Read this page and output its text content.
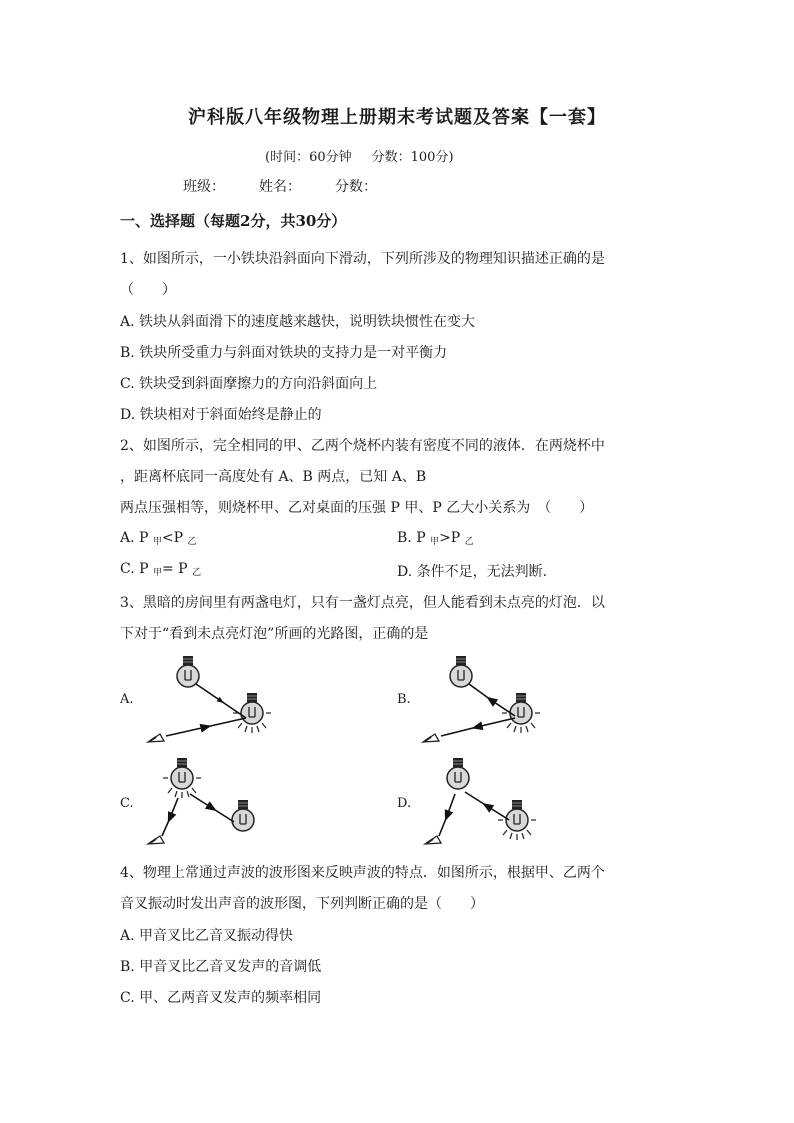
沪科版八年级物理上册期末考试题及答案【一套】
(时间：60分钟 分数：100分)
班级： 姓名： 分数：
一、选择题（每题2分，共30分）
1、如图所示，一小铁块沿斜面向下滑动，下列所涉及的物理知识描述正确的是
（　　）
A. 铁块从斜面滑下的速度越来越快，说明铁块惯性在变大
B. 铁块所受重力与斜面对铁块的支持力是一对平衡力
C. 铁块受到斜面摩擦力的方向沿斜面向上
D. 铁块相对于斜面始终是静止的
2、如图所示，完全相同的甲、乙两个烧杯内装有密度不同的液体．在两烧杯中
，距离杯底同一高度处有 A、B 两点，已知 A、B
两点压强相等，则烧杯甲、乙对桌面的压强 P 甲、P 乙大小关系为　（　　）
A. P $_甲$<P $_乙$	B. P $_甲$>P $_乙$
C. P $_甲$= P $_乙$	D. 条件不足，无法判断.
3、黑暗的房间里有两盏电灯，只有一盏灯点亮，但人能看到未点亮的灯泡．以
下对于“看到未点亮灯泡”所画的光路图，正确的是
A.	B.
C.	D.
4、物理上常通过声波的波形图来反映声波的特点．如图所示，根据甲、乙两个
音叉振动时发出声音的波形图，下列判断正确的是（　　）
A. 甲音叉比乙音叉振动得快
B. 甲音叉比乙音叉发声的音调低
C. 甲、乙两音叉发声的频率相同
